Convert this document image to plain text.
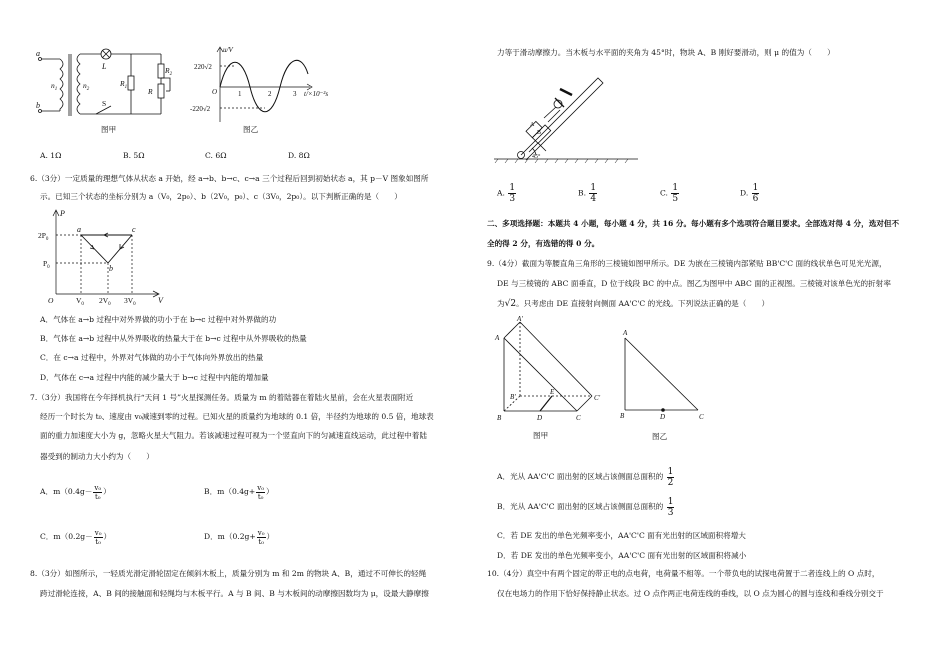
a
b
$n_1$	$n_2$
L
$R_1$
$R_2$
R
S
图甲
u/V
220√2
-220√2
O	1	2	3 t/×10⁻²s
图乙
A. 1Ω	B. 5Ω	C. 6Ω	D. 8Ω
6.（3分）一定质量的理想气体从状态 a 开始，经 a→b、b→c、c→a 三个过程后回到初始状态 a，其 p－V 图象如图所
示。已知三个状态的坐标分别为 a（V₀，2p₀）、b（2V₀，p₀）、c（3V₀，2p₀）。以下判断正确的是（　　）
P
V
O
$2P_0$
$P_0$
$V_0$ $2V_0$ $3V_0$
a
b
c
A．气体在 a→b 过程中对外界做的功小于在 b→c 过程中对外界做的功
B．气体在 a→b 过程中从外界吸收的热量大于在 b→c 过程中从外界吸收的热量
C．在 c→a 过程中，外界对气体做的功小于气体向外界放出的热量
D．气体在 c→a 过程中内能的减少量大于 b→c 过程中内能的增加量
7.（3分）我国将在今年择机执行“天问 1 号”火星探测任务。质量为 m 的着陆器在着陆火星前，会在火星表面附近
经历一个时长为 t₀、速度由 v₀减速到零的过程。已知火星的质量约为地球的 0.1 倍，半径约为地球的 0.5 倍，地球表
面的重力加速度大小为 g，忽略火星大气阻力。若该减速过程可视为一个竖直向下的匀减速直线运动，此过程中着陆
器受到的制动力大小约为（　　）
A．$m(0.4g- \frac{\text{v₀}}{\text{t₀}}$ ）	B．$m(0.4g+ \frac{\text{v₀}}{\text{t₀}}$ ）
C．$m(0.2g- \frac{\text{v₀}}{\text{t₀}}$ ）	D．$m(0.2g+ \frac{\text{v₀}}{\text{t₀}}$ ）
8.（3分）如图所示，一轻质光滑定滑轮固定在倾斜木板上，质量分别为 m 和 2m 的物块 A、B，通过不可伸长的轻绳
跨过滑轮连接，A、B 间的接触面和轻绳均与木板平行。A 与 B 间、B 与木板间的动摩擦因数均为 μ，设最大静摩擦
力等于滑动摩擦力。当木板与水平面的夹角为 45°时，物块 A、B 刚好要滑动，则 μ 的值为（　　）
A
B
45°
A. $\frac{1}{3}$	B. $\frac{1}{4}$	C. $\frac{1}{5}$	D. $\frac{1}{6}$
二、多项选择题：本题共 4 小题，每小题 4 分，共 16 分。每小题有多个选项符合题目要求。全部选对得 4 分，选对但不
全的得 2 分，有选错的得 0 分。
9.（4分）截面为等腰直角三角形的三棱镜如图甲所示。DE 为嵌在三棱镜内部紧贴 BB'C'C 面的线状单色可见光光源，
DE 与三棱镜的 ABC 面垂直，D 位于线段 BC 的中点。图乙为图甲中 ABC 面的正视图。三棱镜对该单色光的折射率
为√2。只考虑由 DE 直接射向侧面 AA'C'C 的光线。下列说法正确的是（　　）
A
A'
B
B'
C
C'
D
E
图甲
A
B	D	C
图乙
A．光从 AA'C'C 面出射的区域占该侧面总面积的 $\frac{1}{2}$
B．光从 AA'C'C 面出射的区域占该侧面总面积的 $\frac{1}{3}$
C．若 DE 发出的单色光频率变小，AA'C'C 面有光出射的区域面积将增大
D．若 DE 发出的单色光频率变小，AA'C'C 面有光出射的区域面积将减小
10.（4分）真空中有两个固定的带正电的点电荷，电荷量不相等。一个带负电的试探电荷置于二者连线上的 O 点时，
仅在电场力的作用下恰好保持静止状态。过 O 点作两正电荷连线的垂线，以 O 点为圆心的圆与连线和垂线分别交于
